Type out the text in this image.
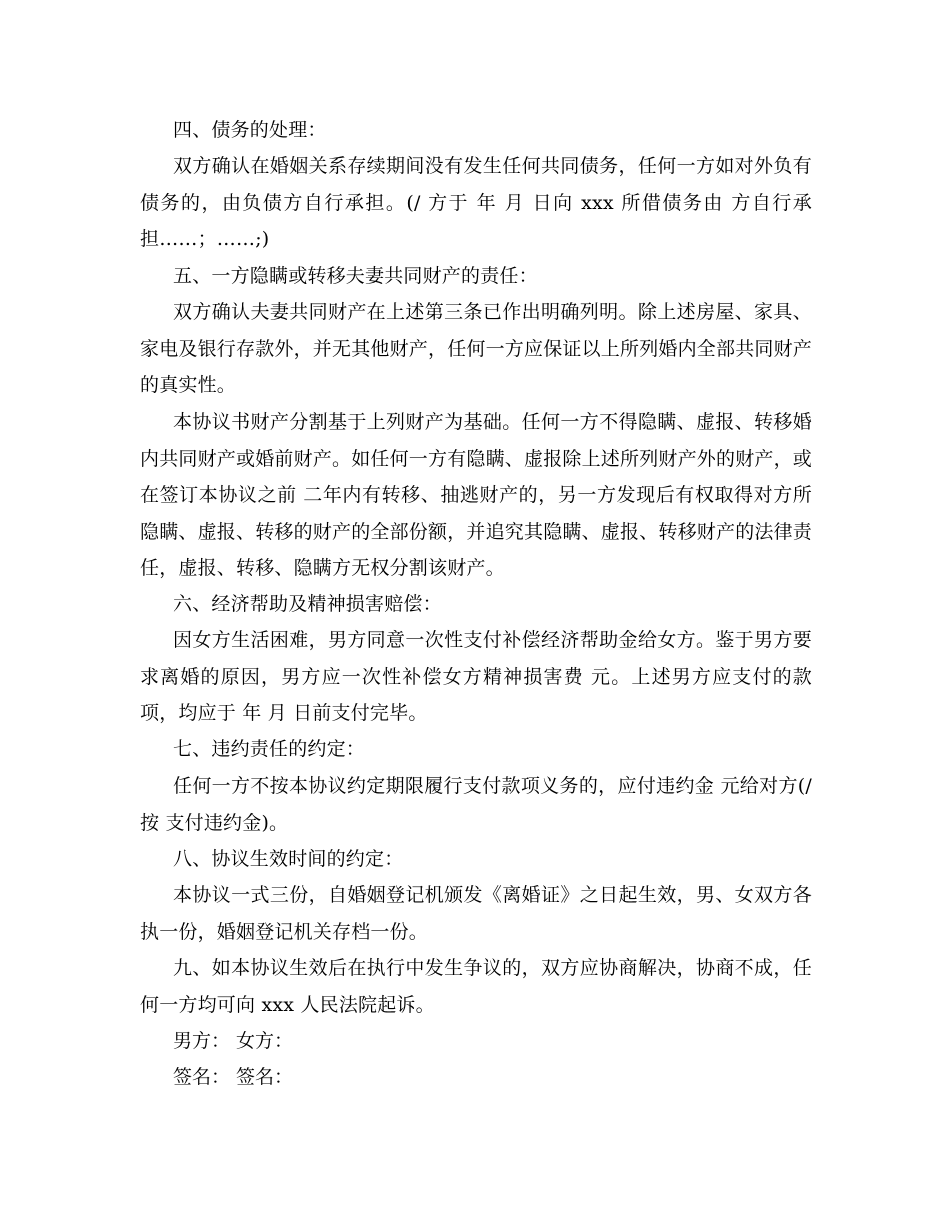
四、债务的处理：

双方确认在婚姻关系存续期间没有发生任何共同债务，任何一方如对外负有债务的，由负债方自行承担。(/ 方于 年 月 日向 xxx 所借债务由 方自行承担……；……;)

五、一方隐瞒或转移夫妻共同财产的责任：

双方确认夫妻共同财产在上述第三条已作出明确列明。除上述房屋、家具、家电及银行存款外，并无其他财产，任何一方应保证以上所列婚内全部共同财产的真实性。

本协议书财产分割基于上列财产为基础。任何一方不得隐瞒、虚报、转移婚内共同财产或婚前财产。如任何一方有隐瞒、虚报除上述所列财产外的财产，或在签订本协议之前 二年内有转移、抽逃财产的，另一方发现后有权取得对方所隐瞒、虚报、转移的财产的全部份额，并追究其隐瞒、虚报、转移财产的法律责任，虚报、转移、隐瞒方无权分割该财产。

六、经济帮助及精神损害赔偿：

因女方生活困难，男方同意一次性支付补偿经济帮助金给女方。鉴于男方要求离婚的原因，男方应一次性补偿女方精神损害费 元。上述男方应支付的款项，均应于 年 月 日前支付完毕。

七、违约责任的约定：

任何一方不按本协议约定期限履行支付款项义务的，应付违约金 元给对方(/按 支付违约金)。

八、协议生效时间的约定：

本协议一式三份，自婚姻登记机颁发《离婚证》之日起生效，男、女双方各执一份，婚姻登记机关存档一份。

九、如本协议生效后在执行中发生争议的，双方应协商解决，协商不成，任何一方均可向 xxx 人民法院起诉。

男方： 女方：

签名： 签名：
